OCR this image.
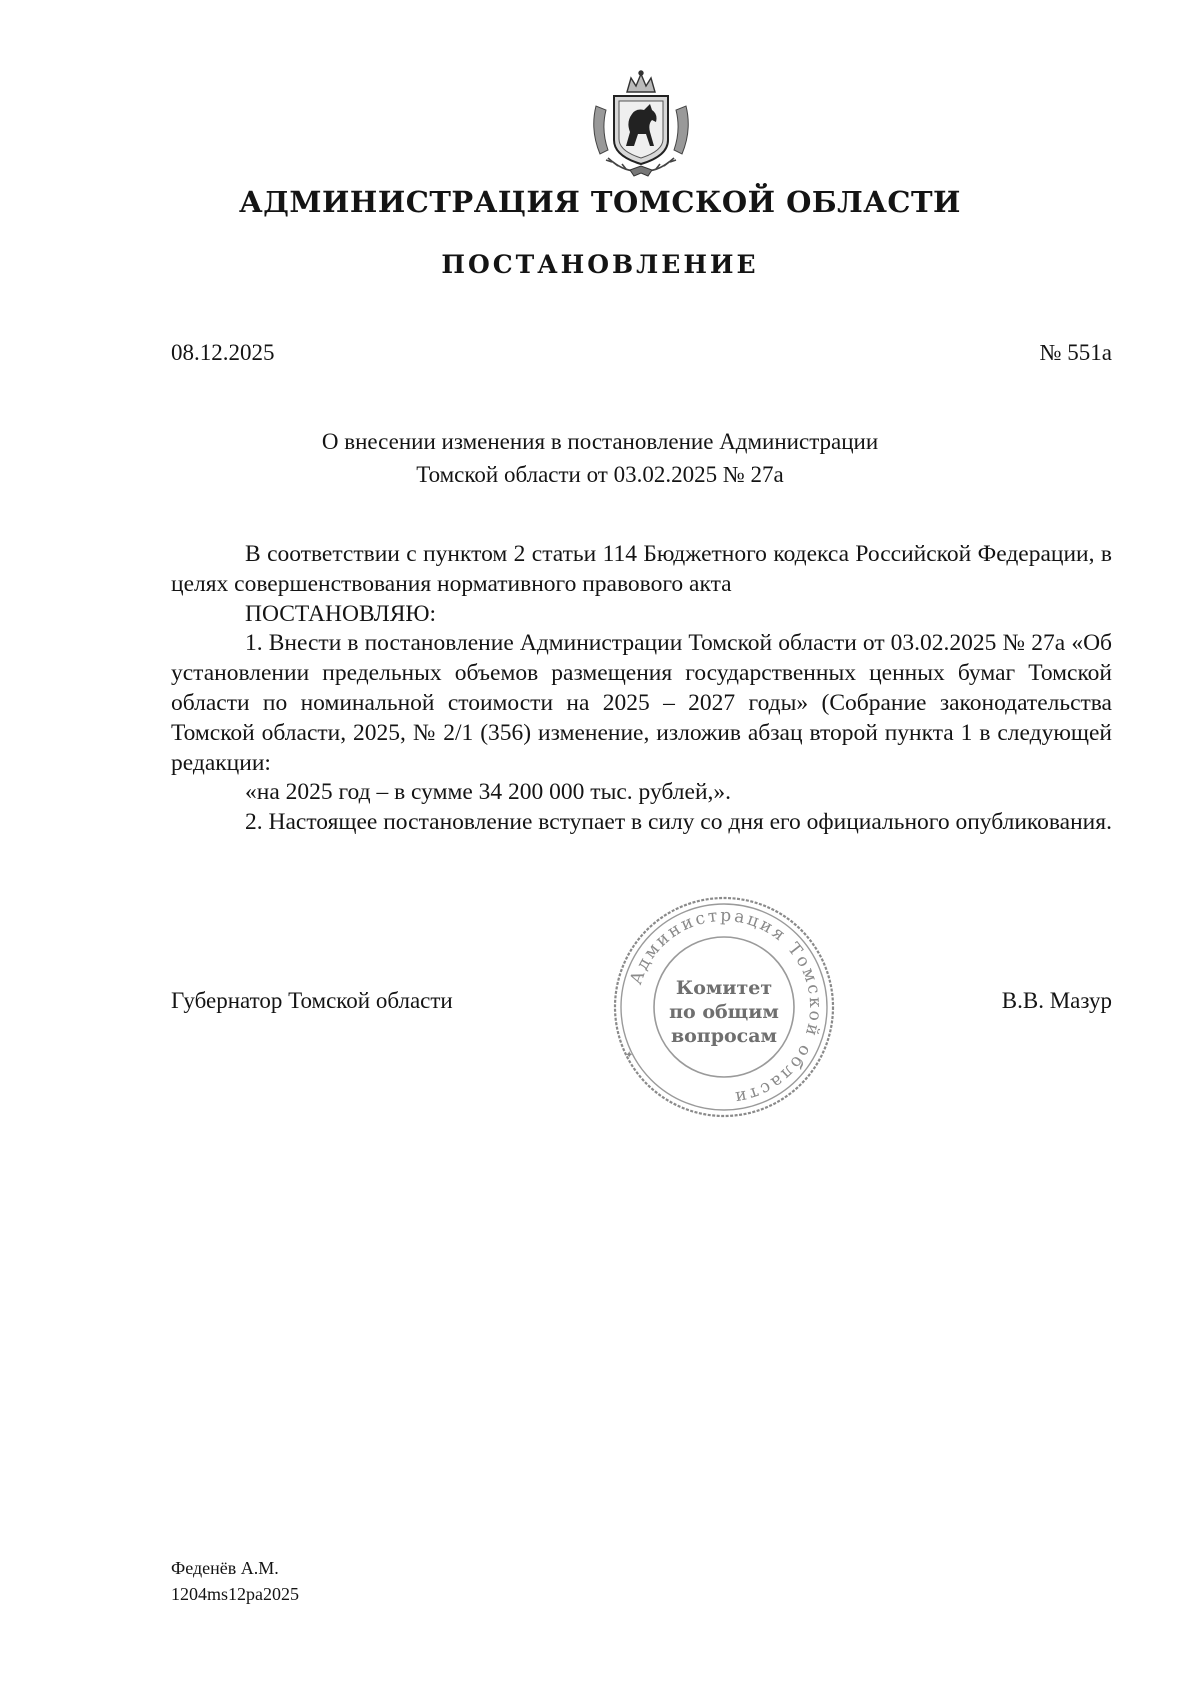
АДМИНИСТРАЦИЯ ТОМСКОЙ ОБЛАСТИ
ПОСТАНОВЛЕНИЕ
08.12.2025	№ 551а
О внесении изменения в постановление Администрации
Томской области от 03.02.2025 № 27а

В соответствии с пунктом 2 статьи 114 Бюджетного кодекса Российской Федерации, в целях совершенствования нормативного правового акта

ПОСТАНОВЛЯЮ:

1. Внести в постановление Администрации Томской области от 03.02.2025 № 27а «Об установлении предельных объемов размещения государственных ценных бумаг Томской области по номинальной стоимости на 2025 – 2027 годы» (Собрание законодательства Томской области, 2025, № 2/1 (356) изменение, изложив абзац второй пункта 1 в следующей редакции:

«на 2025 год – в сумме 34 200 000 тыс. рублей,».

2. Настоящее постановление вступает в силу со дня его официального опубликования.

Губернатор Томской области
Администрация Томской области
✦
Комитет
по общим
вопросам
В.В. Мазур
Феденёв А.М.
1204ms12pa2025
